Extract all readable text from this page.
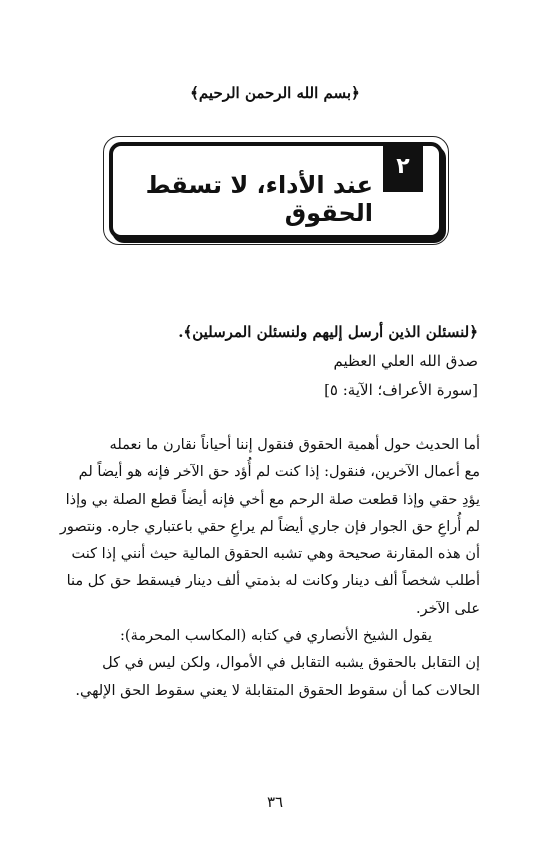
﴿بسم الله الرحمن الرحيم﴾
٢
عند الأداء، لا تسقط الحقوق
﴿لنسئلن الذين أرسل إليهم ولنسئلن المرسلين﴾.
صدق الله العلي العظيم
[سورة الأعراف؛ الآية: ٥]

أما الحديث حول أهمية الحقوق فنقول إننا أحياناً نقارن ما نعمله
مع أعمال الآخرين، فنقول: إذا كنت لم أُؤد حق الآخر فإنه هو أيضاً لم
يؤدِ حقي وإذا قطعت صلة الرحم مع أخي فإنه أيضاً قطع الصلة بي وإذا
لم أُراعِ حق الجوار فإن جاري أيضاً لم يراعِ حقي باعتباري جاره. ونتصور
أن هذه المقارنة صحيحة وهي تشبه الحقوق المالية حيث أنني إذا كنت
أطلب شخصاً ألف دينار وكانت له بذمتي ألف دينار فيسقط حق كل منا
على الآخر.

يقول الشيخ الأنصاري في كتابه (المكاسب المحرمة):
إن التقابل بالحقوق يشبه التقابل في الأموال، ولكن ليس في كل
الحالات كما أن سقوط الحقوق المتقابلة لا يعني سقوط الحق الإلهي.

٣٦
